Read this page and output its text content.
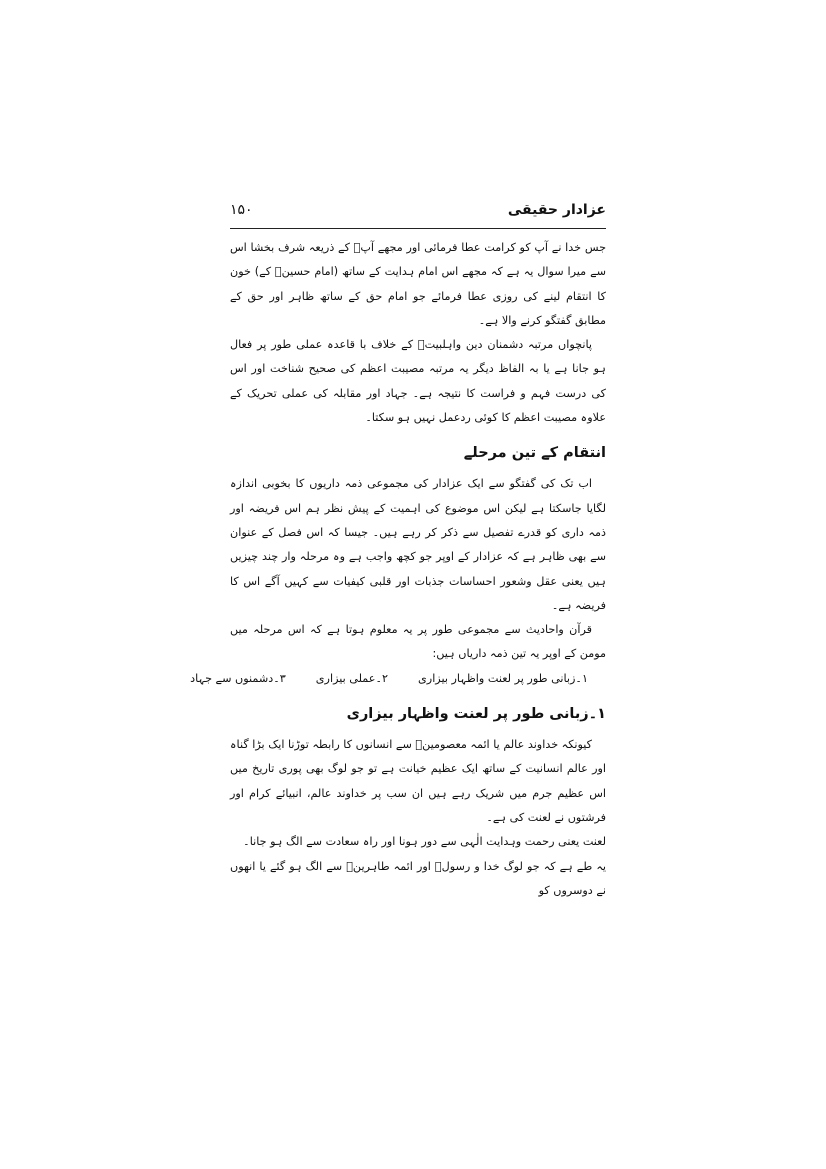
عزادار حقیقی
۱۵۰

جس خدا نے آپ کو کرامت عطا فرمائی اور مجھے آپؐ کے ذریعہ شرف بخشا اس سے میرا سوال یہ ہے کہ مجھے اس امام ہدایت کے ساتھ (امام حسینؑ کے) خون کا انتقام لینے کی روزی عطا فرمائے جو امام حق کے ساتھ ظاہر اور حق کے مطابق گفتگو کرنے والا ہے۔

پانچواں مرتبہ دشمنان دین واہلبیتؑ کے خلاف با قاعدہ عملی طور پر فعال ہو جانا ہے یا بہ الفاظ دیگر یہ مرتبہ مصیبت اعظم کی صحیح شناخت اور اس کی درست فہم و فراست کا نتیجہ ہے۔ جہاد اور مقابلہ کی عملی تحریک کے علاوہ مصیبت اعظم کا کوئی ردعمل نہیں ہو سکتا۔

انتقام کے تین مرحلے

اب تک کی گفتگو سے ایک عزادار کی مجموعی ذمہ داریوں کا بخوبی اندازہ لگایا جاسکتا ہے لیکن اس موضوع کی اہمیت کے پیش نظر ہم اس فریضہ اور ذمہ داری کو قدرے تفصیل سے ذکر کر رہے ہیں۔ جیسا کہ اس فصل کے عنوان سے بھی ظاہر ہے کہ عزادار کے اوپر جو کچھ واجب ہے وہ مرحلہ وار چند چیزیں ہیں یعنی عقل وشعور احساسات جذبات اور قلبی کیفیات سے کہیں آگے اس کا فریضہ ہے۔

قرآن واحادیث سے مجموعی طور پر یہ معلوم ہوتا ہے کہ اس مرحلہ میں مومن کے اوپر یہ تین ذمہ داریاں ہیں:

۱۔زبانی طور پر لعنت واظہار بیزاری
۲۔عملی بیزاری
۳۔دشمنوں سے جہاد
۱۔زبانی طور پر لعنت واظہار بیزاری

کیونکہ خداوند عالم یا ائمہ معصومینؑ سے انسانوں کا رابطہ توڑنا ایک بڑا گناہ اور عالم انسانیت کے ساتھ ایک عظیم خیانت ہے تو جو لوگ بھی پوری تاریخ میں اس عظیم جرم میں شریک رہے ہیں ان سب پر خداوند عالم، انبیائے کرام اور فرشتوں نے لعنت کی ہے۔

لعنت یعنی رحمت وہدایت الٰہی سے دور ہونا اور راہ سعادت سے الگ ہو جانا۔

یہ طے ہے کہ جو لوگ خدا و رسولؐ اور ائمہ طاہرینؑ سے الگ ہو گئے یا انھوں نے دوسروں کو
